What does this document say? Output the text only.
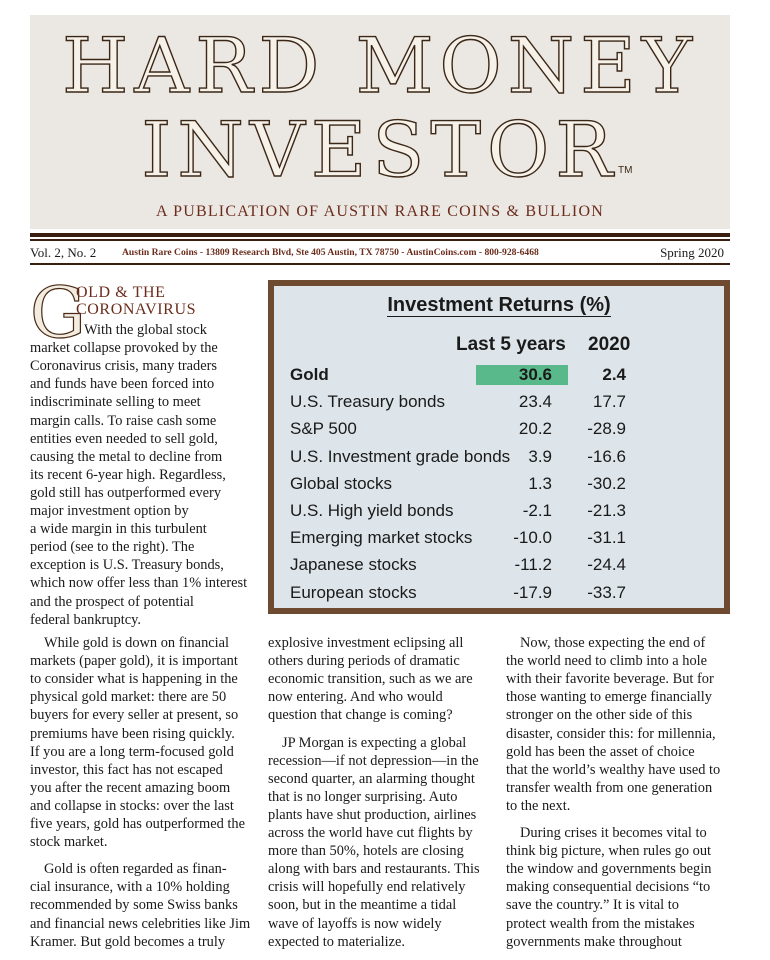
HARD MONEY
INVESTOR TM
A PUBLICATION OF AUSTIN RARE COINS & BULLION
Vol. 2, No. 2	Austin Rare Coins - 13809 Research Blvd, Ste 405 Austin, TX 78750 - AustinCoins.com - 800-928-6468	Spring 2020
G
OLD & THE
CORONAVIRUS
With the global stock
market collapse provoked by the
Coronavirus crisis, many traders
and funds have been forced into
indiscriminate selling to meet
margin calls. To raise cash some
entities even needed to sell gold,
causing the metal to decline from
its recent 6-year high. Regardless,
gold still has outperformed every
major investment option by
a wide margin in this turbulent
period (see to the right). The
exception is U.S. Treasury bonds,
which now offer less than 1% interest
and the prospect of potential
federal bankruptcy.
Investment Returns (%)
Last 5 years 2020
Gold	30.6	2.4
U.S. Treasury bonds	23.4	17.7
S&P 500	20.2	-28.9
U.S. Investment grade bonds	3.9	-16.6
Global stocks	1.3	-30.2
U.S. High yield bonds	-2.1	-21.3
Emerging market stocks	-10.0	-31.1
Japanese stocks	-11.2	-24.4
European stocks	-17.9	-33.7
While gold is down on financial
markets (paper gold), it is important
to consider what is happening in the
physical gold market: there are 50
buyers for every seller at present, so
premiums have been rising quickly.
If you are a long term-focused gold
investor, this fact has not escaped
you after the recent amazing boom
and collapse in stocks: over the last
five years, gold has outperformed the
stock market.
Gold is often regarded as finan-
cial insurance, with a 10% holding
recommended by some Swiss banks
and financial news celebrities like Jim
Kramer. But gold becomes a truly
explosive investment eclipsing all
others during periods of dramatic
economic transition, such as we are
now entering. And who would
question that change is coming?
JP Morgan is expecting a global
recession—if not depression—in the
second quarter, an alarming thought
that is no longer surprising. Auto
plants have shut production, airlines
across the world have cut flights by
more than 50%, hotels are closing
along with bars and restaurants. This
crisis will hopefully end relatively
soon, but in the meantime a tidal
wave of layoffs is now widely
expected to materialize.
Now, those expecting the end of
the world need to climb into a hole
with their favorite beverage. But for
those wanting to emerge financially
stronger on the other side of this
disaster, consider this: for millennia,
gold has been the asset of choice
that the world’s wealthy have used to
transfer wealth from one generation
to the next.
During crises it becomes vital to
think big picture, when rules go out
the window and governments begin
making consequential decisions “to
save the country.” It is vital to
protect wealth from the mistakes
governments make throughout
